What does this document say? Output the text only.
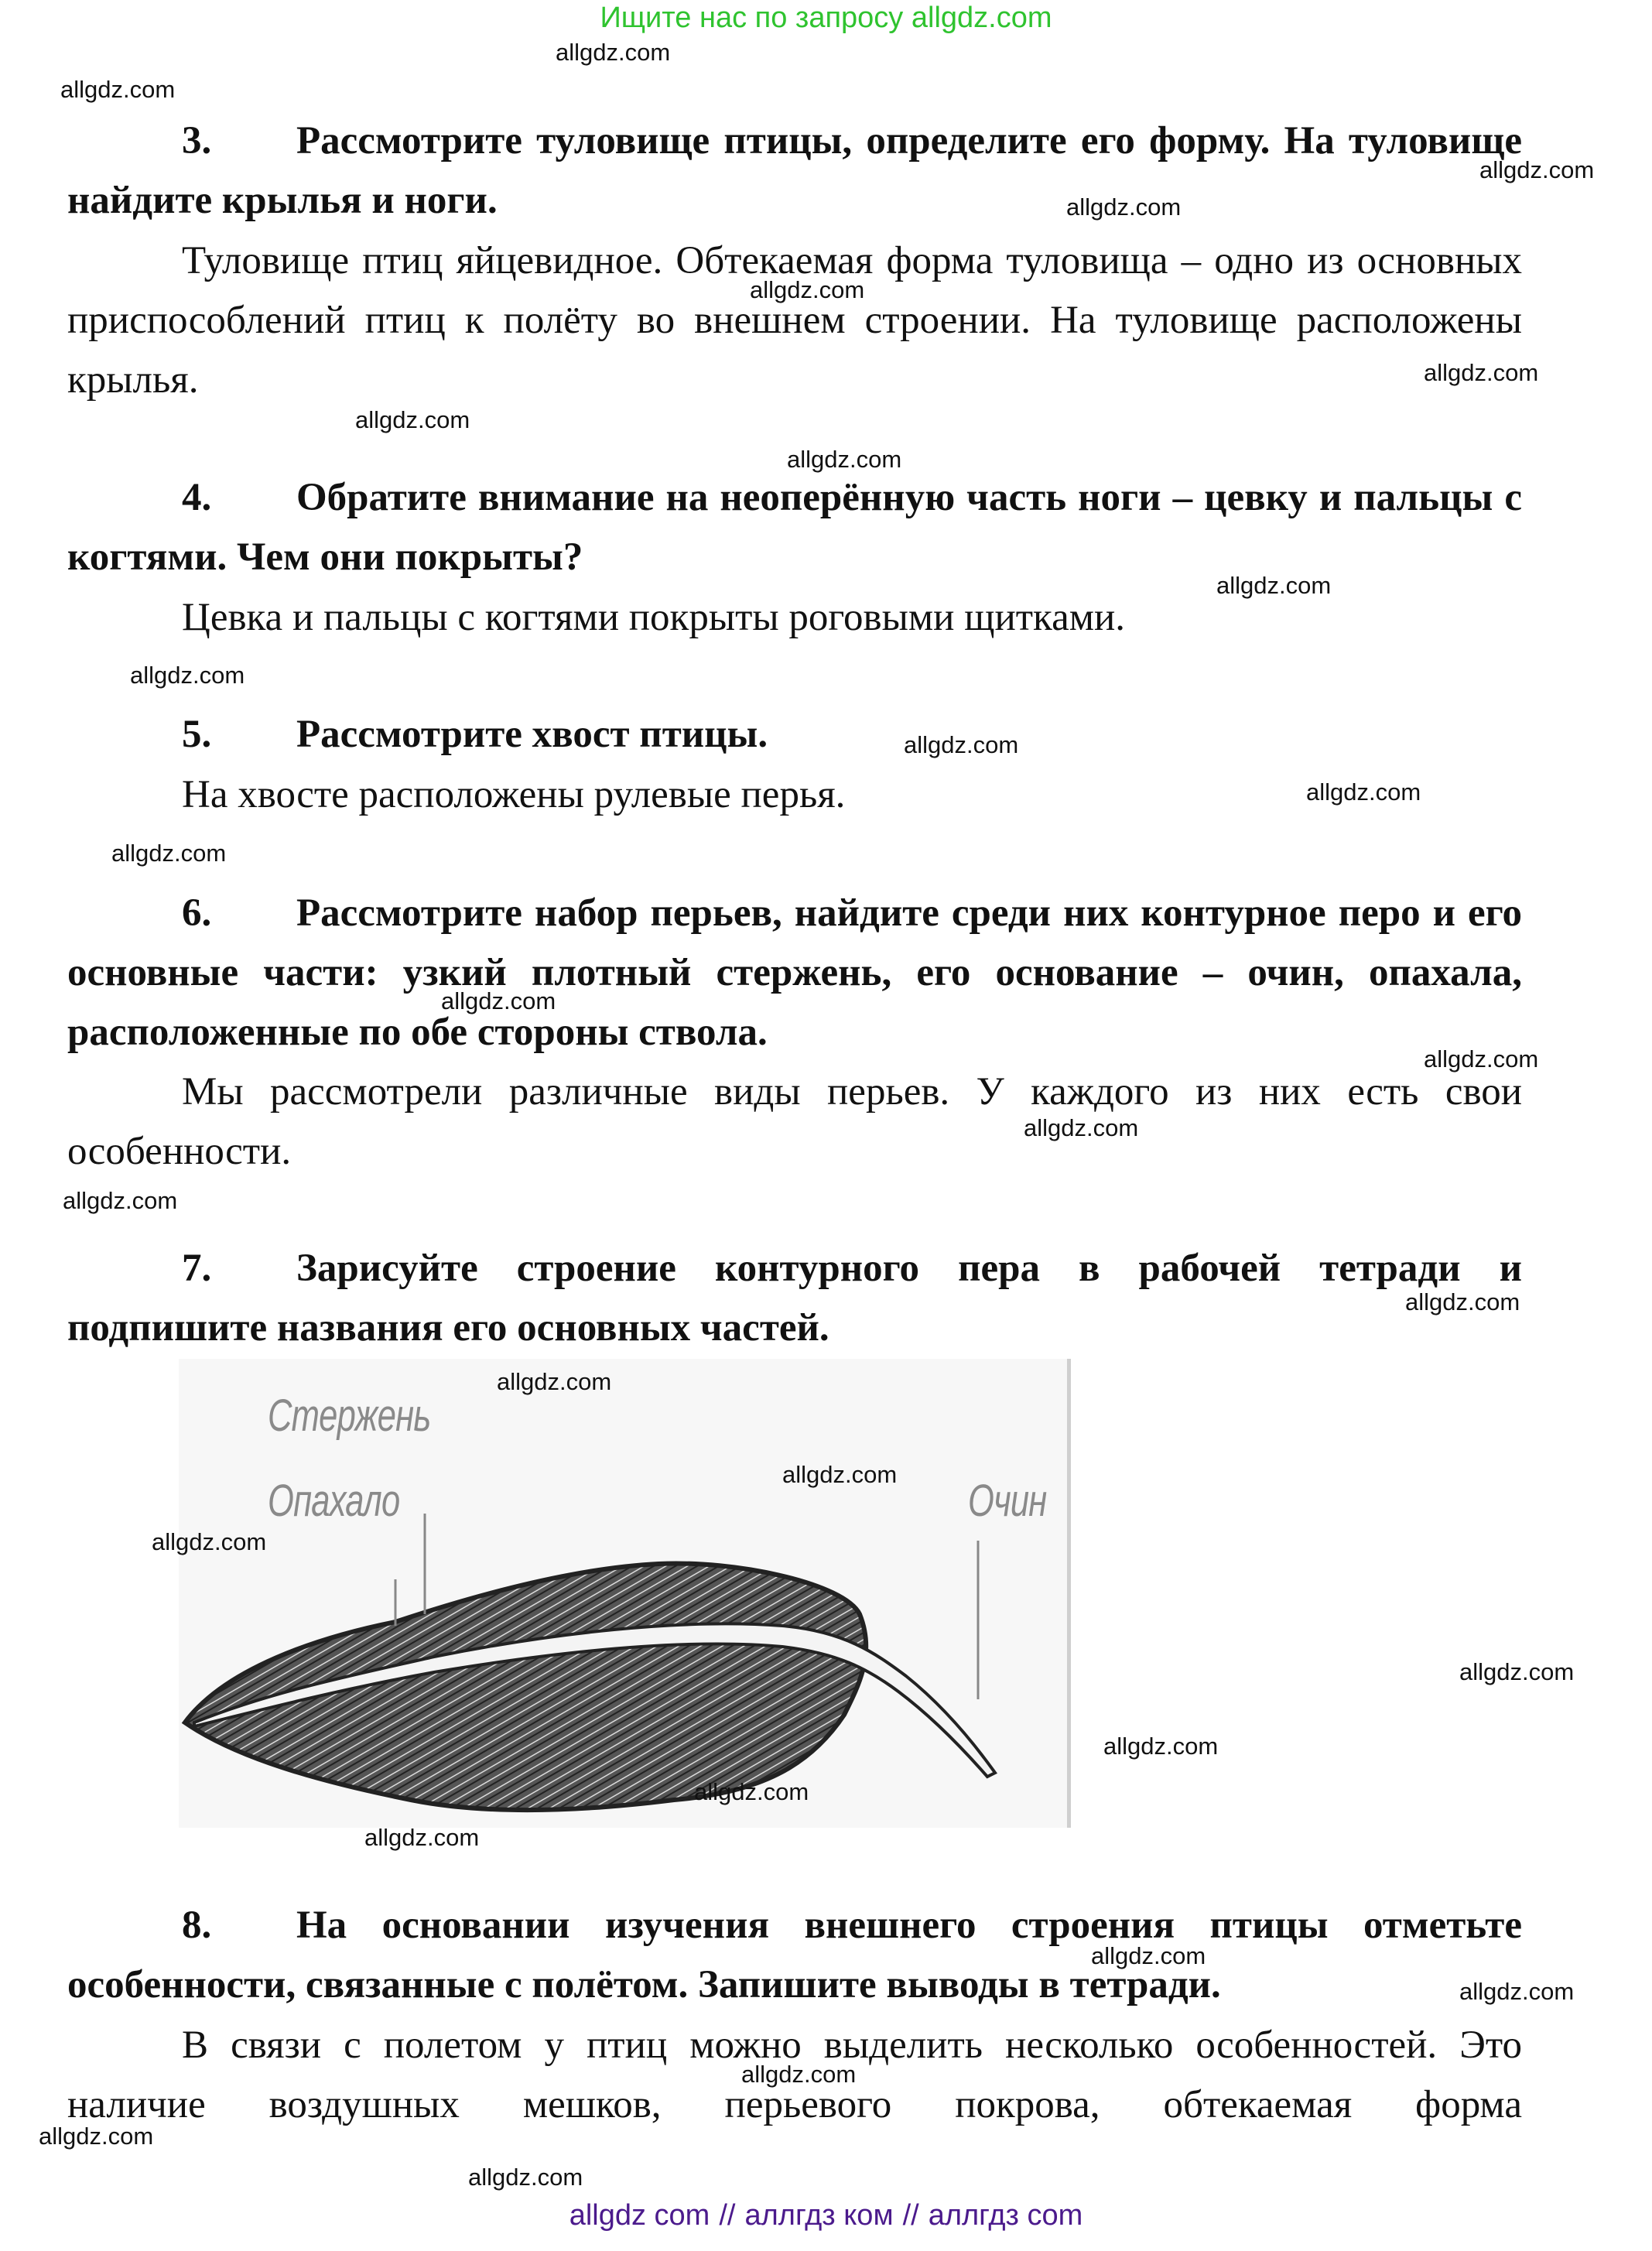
Ищите нас по запросу allgdz.com
3. Рассмотрите туловище птицы, определите его форму. На туловище найдите крылья и ноги.
Туловище птиц яйцевидное. Обтекаемая форма туловища – одно из основных приспособлений птиц к полёту во внешнем строении. На туловище расположены крылья.
4. Обратите внимание на неоперённую часть ноги – цевку и пальцы с когтями. Чем они покрыты?
Цевка и пальцы с когтями покрыты роговыми щитками.
5. Рассмотрите хвост птицы.
На хвосте расположены рулевые перья.
6. Рассмотрите набор перьев, найдите среди них контурное перо и его основные части: узкий плотный стержень, его основание – очин, опахала, расположенные по обе стороны ствола.
Мы рассмотрели различные виды перьев. У каждого из них есть свои особенности.
7. Зарисуйте строение контурного пера в рабочей тетради и подпишите названия его основных частей.
Стержень
Опахало	Очин
8. На основании изучения внешнего строения птицы отметьте особенности, связанные с полётом. Запишите выводы в тетради.
В связи с полетом у птиц можно выделить несколько особенностей. Это наличие воздушных мешков, перьевого покрова, обтекаемая форма
allgdz.com
allgdz.com
allgdz.com
allgdz.com
allgdz.com
allgdz.com
allgdz.com
allgdz.com
allgdz.com
allgdz.com
allgdz.com
allgdz.com
allgdz.com
allgdz.com
allgdz.com
allgdz.com
allgdz.com
allgdz.com
allgdz.com
allgdz.com
allgdz.com
allgdz.com
allgdz.com
allgdz.com
allgdz.com
allgdz.com
allgdz.com
allgdz.com
allgdz.com
allgdz.com
allgdz com // аллгдз ком // аллгдз com
